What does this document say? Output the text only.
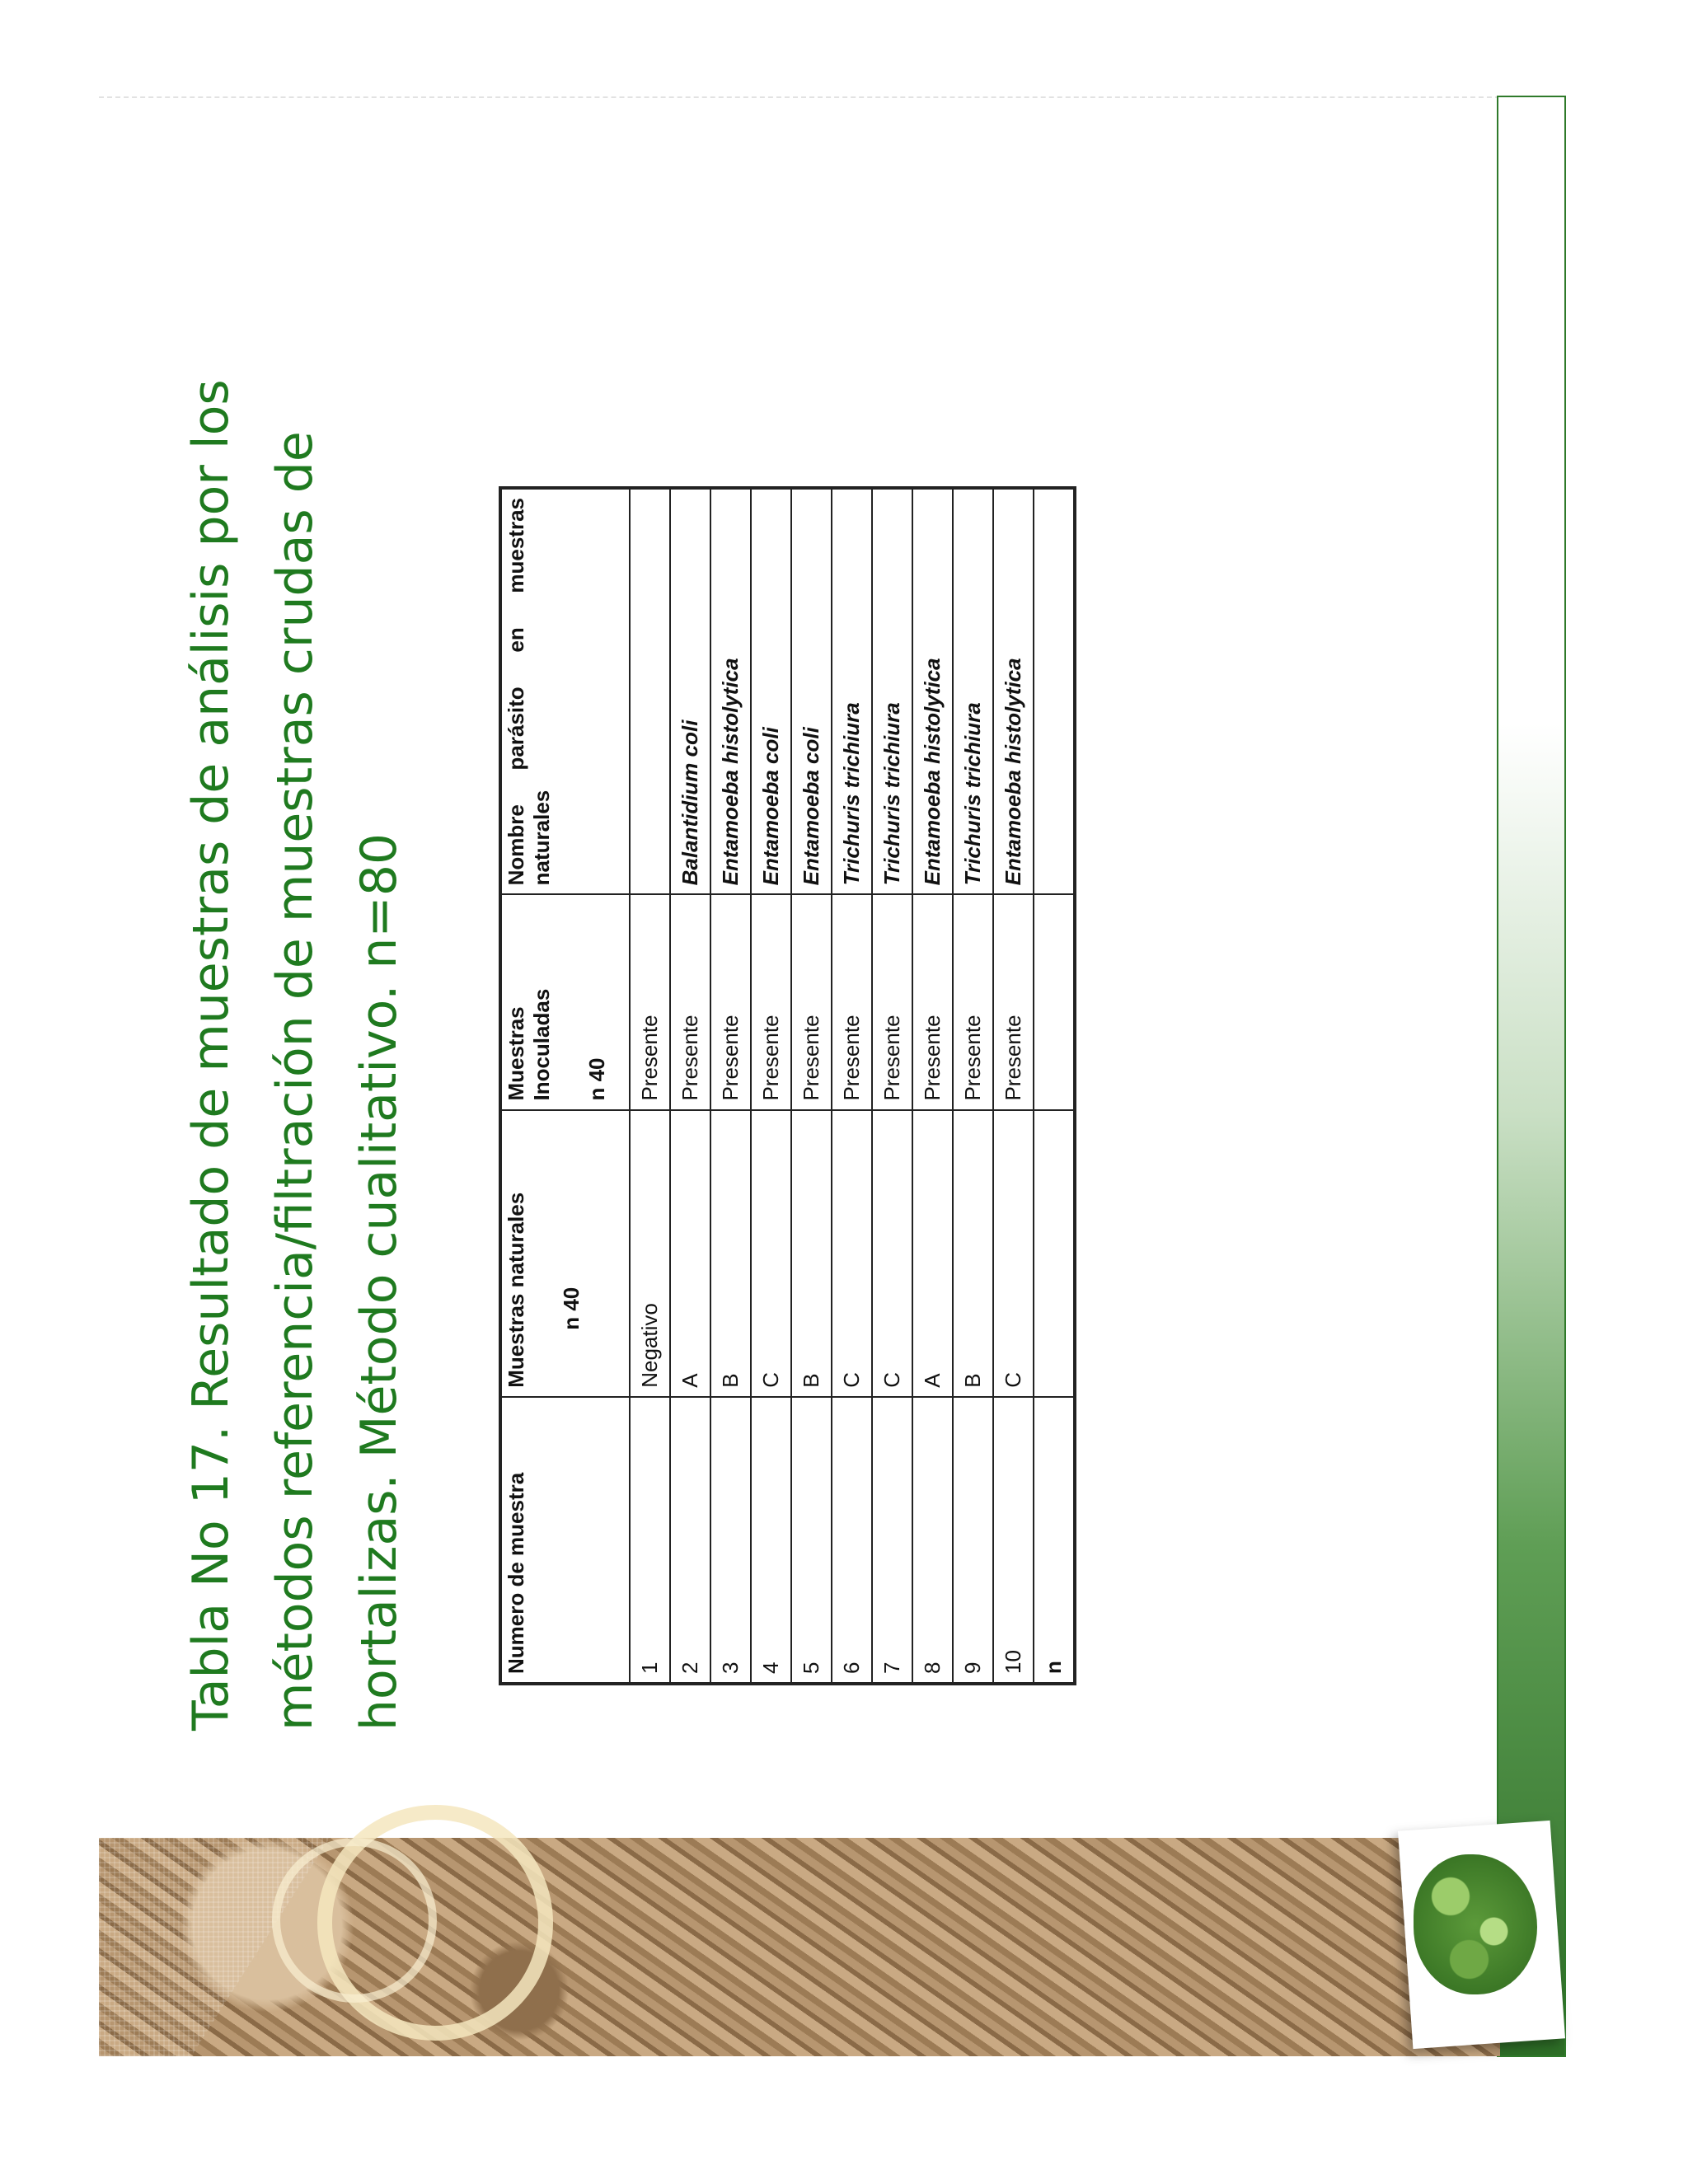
Tabla No 17. Resultado de muestras de análisis por los métodos referencia/filtración de muestras crudas de hortalizas. Método cualitativo. n=80	Numero de muestra	Muestras naturales n 40	Muestras Inoculadas n 40	Nombre parásito en muestras naturales
1	Negativo	Presente	
2	A	Presente	Balantidium coli
3	B	Presente	Entamoeba histolytica
4	C	Presente	Entamoeba coli
5	B	Presente	Entamoeba coli
6	C	Presente	Trichuris trichiura
7	C	Presente	Trichuris trichiura
8	A	Presente	Entamoeba histolytica
9	B	Presente	Trichuris trichiura
10	C	Presente	Entamoeba histolytica
n			
